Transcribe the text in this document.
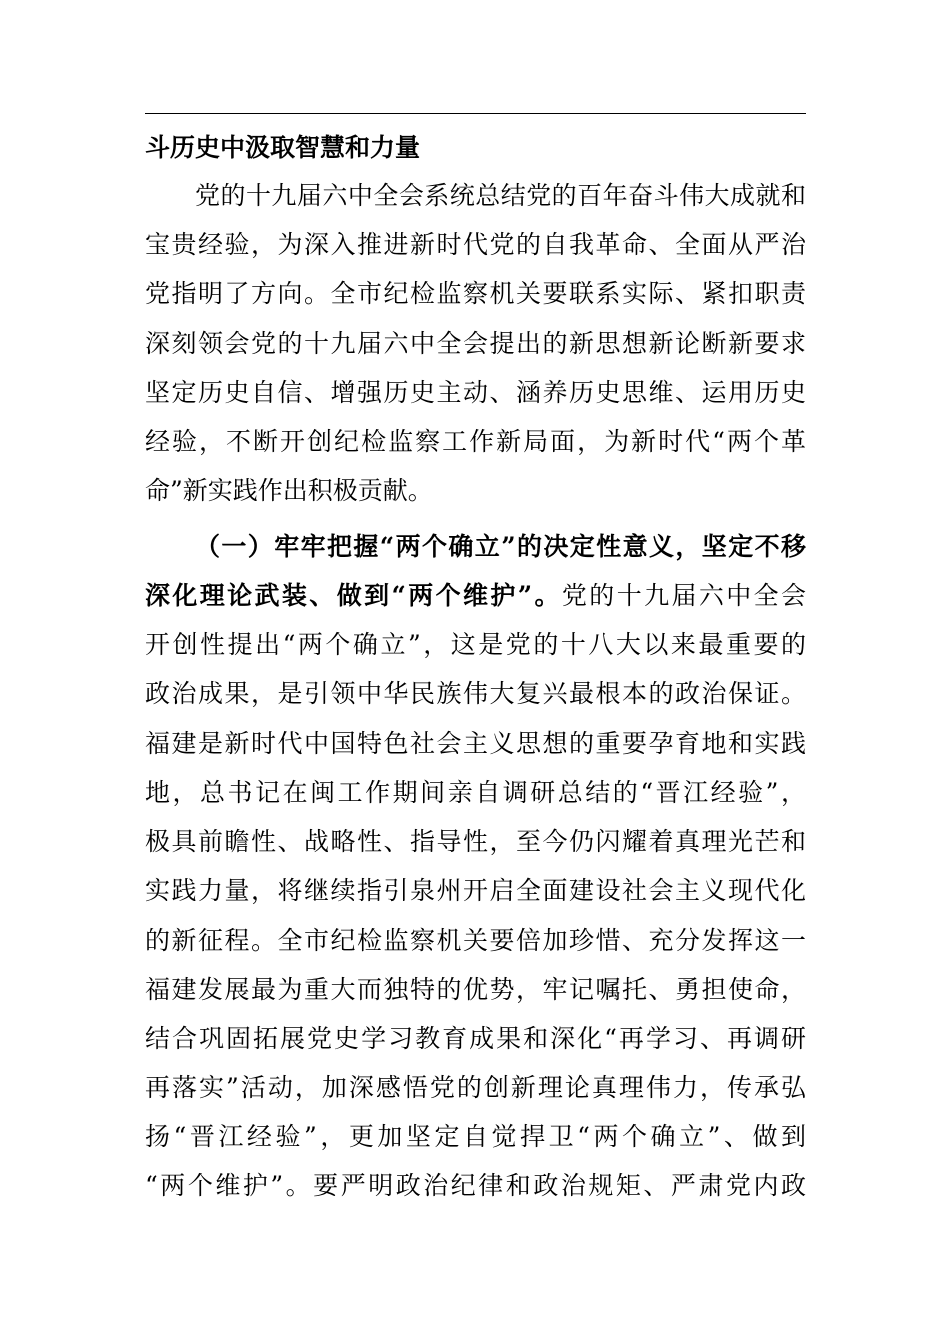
斗历史中汲取智慧和力量
党的十九届六中全会系统总结党的百年奋斗伟大成就和
宝贵经验，为深入推进新时代党的自我革命、全面从严治
党指明了方向。全市纪检监察机关要联系实际、紧扣职责
深刻领会党的十九届六中全会提出的新思想新论断新要求
坚定历史自信、增强历史主动、涵养历史思维、运用历史
经验，不断开创纪检监察工作新局面，为新时代“两个革
命”新实践作出积极贡献。
（一）牢牢把握“两个确立”的决定性意义，坚定不移
深化理论武装、做到“两个维护”。党的十九届六中全会
开创性提出“两个确立”，这是党的十八大以来最重要的
政治成果，是引领中华民族伟大复兴最根本的政治保证。
福建是新时代中国特色社会主义思想的重要孕育地和实践
地，总书记在闽工作期间亲自调研总结的“晋江经验”，
极具前瞻性、战略性、指导性，至今仍闪耀着真理光芒和
实践力量，将继续指引泉州开启全面建设社会主义现代化
的新征程。全市纪检监察机关要倍加珍惜、充分发挥这一
福建发展最为重大而独特的优势，牢记嘱托、勇担使命，
结合巩固拓展党史学习教育成果和深化“再学习、再调研
再落实”活动，加深感悟党的创新理论真理伟力，传承弘
扬“晋江经验”，更加坚定自觉捍卫“两个确立”、做到
“两个维护”。要严明政治纪律和政治规矩、严肃党内政
